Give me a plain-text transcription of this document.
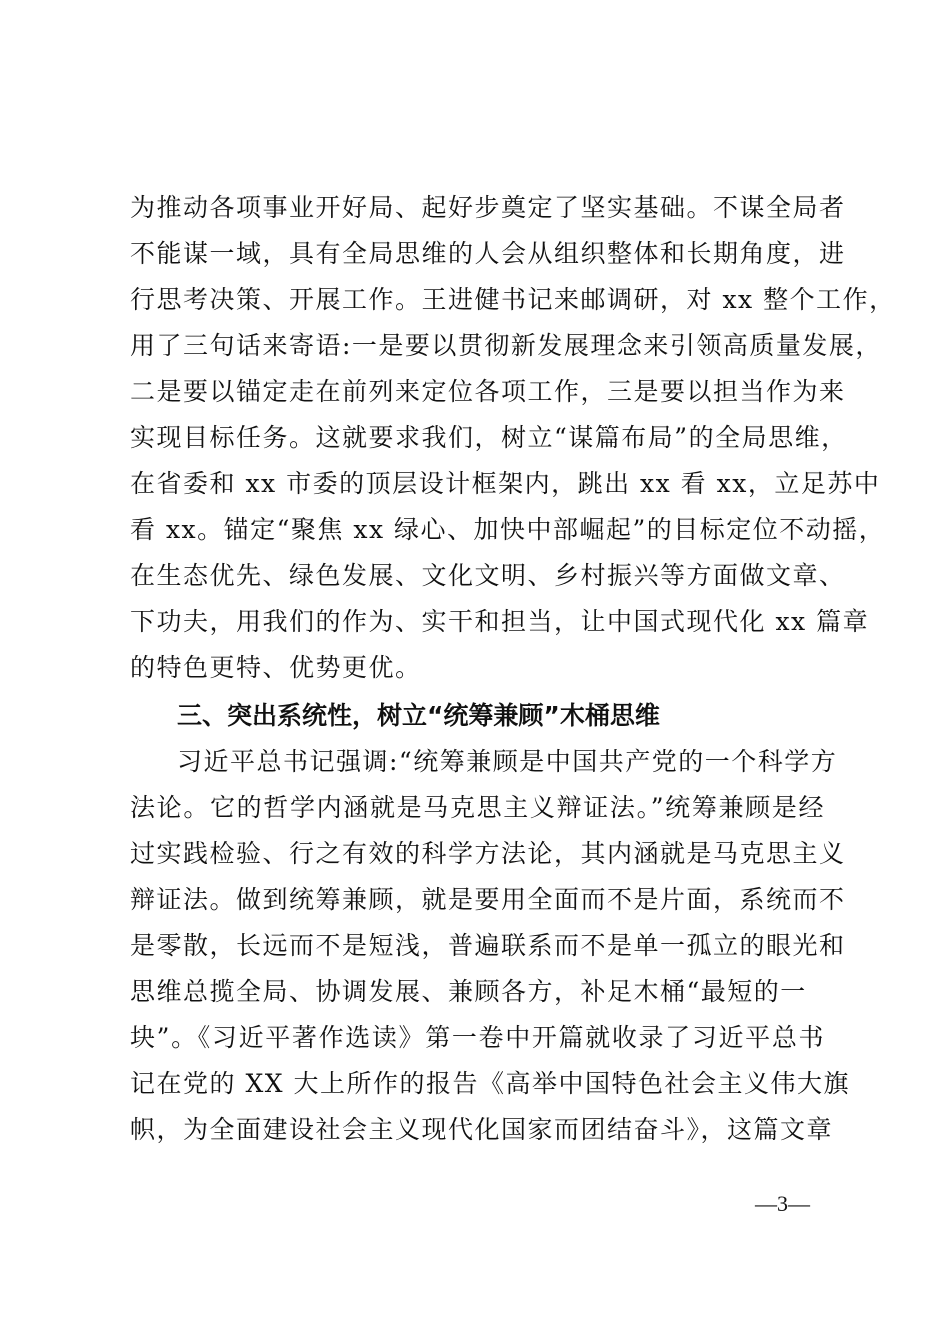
为推动各项事业开好局、起好步奠定了坚实基础。不谋全局者
不能谋一域，具有全局思维的人会从组织整体和长期角度，进
行思考决策、开展工作。王进健书记来邮调研，对 xx 整个工作，
用了三句话来寄语:一是要以贯彻新发展理念来引领高质量发展，
二是要以锚定走在前列来定位各项工作，三是要以担当作为来
实现目标任务。这就要求我们，树立“谋篇布局”的全局思维，
在省委和 xx 市委的顶层设计框架内，跳出 xx 看 xx，立足苏中
看 xx。锚定“聚焦 xx 绿心、加快中部崛起”的目标定位不动摇，
在生态优先、绿色发展、文化文明、乡村振兴等方面做文章、
下功夫，用我们的作为、实干和担当，让中国式现代化 xx 篇章
的特色更特、优势更优。
三、突出系统性，树立“统筹兼顾”木桶思维
习近平总书记强调:“统筹兼顾是中国共产党的一个科学方
法论。它的哲学内涵就是马克思主义辩证法。”统筹兼顾是经
过实践检验、行之有效的科学方法论，其内涵就是马克思主义
辩证法。做到统筹兼顾，就是要用全面而不是片面，系统而不
是零散，长远而不是短浅，普遍联系而不是单一孤立的眼光和
思维总揽全局、协调发展、兼顾各方，补足木桶“最短的一
块”。《习近平著作选读》第一卷中开篇就收录了习近平总书
记在党的 XX 大上所作的报告《高举中国特色社会主义伟大旗
帜，为全面建设社会主义现代化国家而团结奋斗》，这篇文章
—3—
